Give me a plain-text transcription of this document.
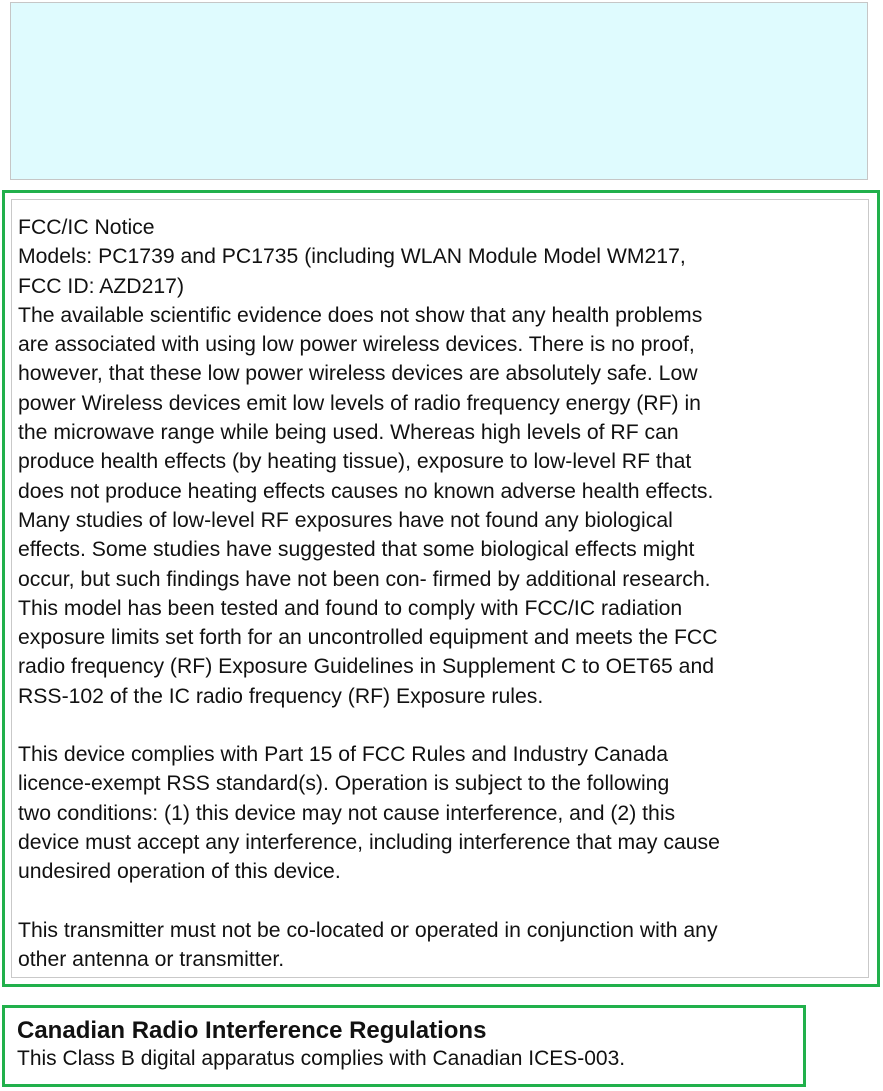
FCC/IC Notice

Models: PC1739 and PC1735 (including WLAN Module Model WM217,

FCC ID: AZD217)

The available scientific evidence does not show that any health problems

are associated with using low power wireless devices. There is no proof,

however, that these low power wireless devices are absolutely safe. Low

power Wireless devices emit low levels of radio frequency energy (RF) in

the microwave range while being used. Whereas high levels of RF can

produce health effects (by heating tissue), exposure to low-level RF that

does not produce heating effects causes no known adverse health effects.

Many studies of low-level RF exposures have not found any biological

effects. Some studies have suggested that some biological effects might

occur, but such findings have not been con- firmed by additional research.

This model has been tested and found to comply with FCC/IC radiation

exposure limits set forth for an uncontrolled equipment and meets the FCC

radio frequency (RF) Exposure Guidelines in Supplement C to OET65 and

RSS-102 of the IC radio frequency (RF) Exposure rules.

This device complies with Part 15 of FCC Rules and Industry Canada

licence-exempt RSS standard(s). Operation is subject to the following

two conditions: (1) this device may not cause interference, and (2) this

device must accept any interference, including interference that may cause

undesired operation of this device.

This transmitter must not be co-located or operated in conjunction with any

other antenna or transmitter.

Canadian Radio Interference Regulations
This Class B digital apparatus complies with Canadian ICES-003.
